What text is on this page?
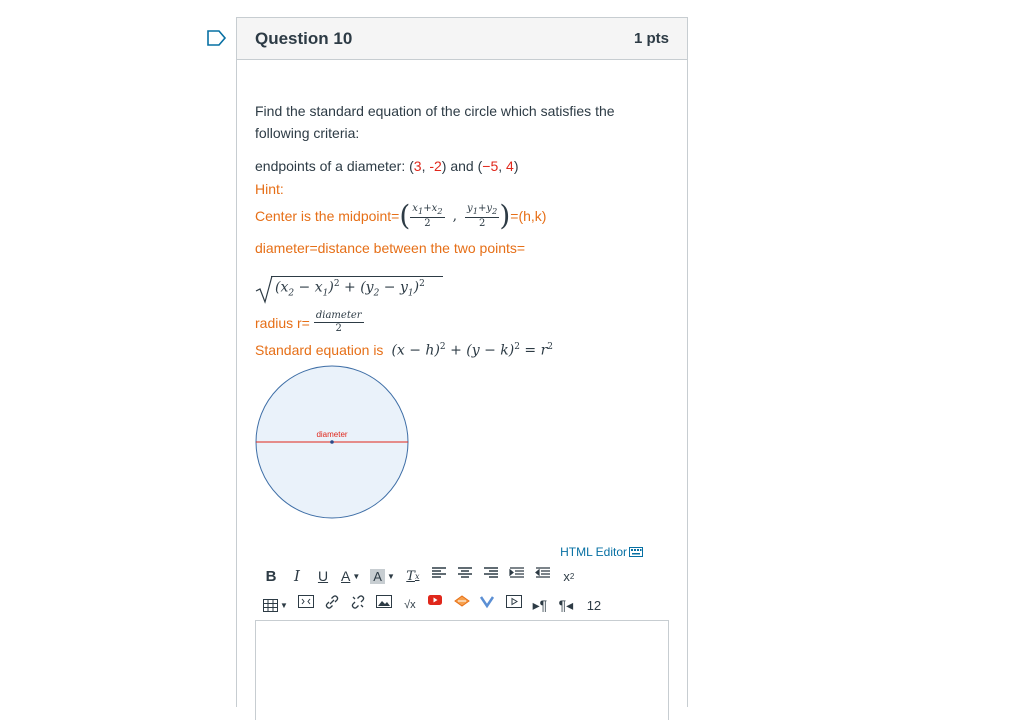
Question 10	1 pts
Find the standard equation of the circle which satisfies the following criteria:
endpoints of a diameter: (3, -2) and (−5, 4)
Hint:
Center is the midpoint= ( $\frac{x_1+x_2}{2}$ , $\frac{y_1+y_2}{2}$ ) =(h,k)
diameter=distance between the two points=
$(x_2 - x_1)^2 + (y_2 - y_1)^2$
radius $r= \frac{\text{diameter}}{2}$
Standard equation is $(x - h)^2 + (y - k)^2 = r^2$
diameter
HTML Editor
B	I	U A ▼ A ▼ T x	x 2
▼	√x	▸¶ ¶◂ 12
